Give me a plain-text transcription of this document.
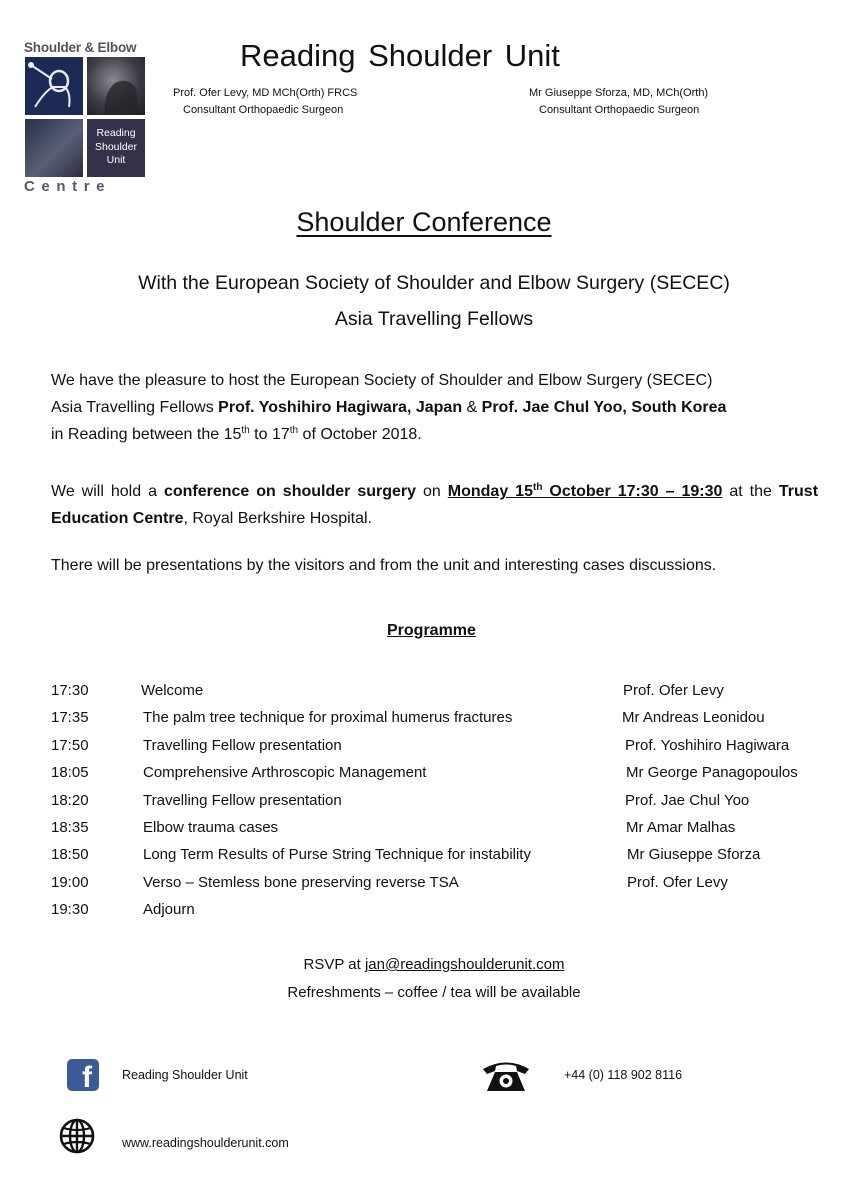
Shoulder & Elbow
Reading
Shoulder
Unit
Centre
Reading Shoulder Unit
Prof. Ofer Levy, MD MCh(Orth) FRCS
Consultant Orthopaedic Surgeon
Mr Giuseppe Sforza, MD, MCh(Orth)
Consultant Orthopaedic Surgeon
Shoulder Conference
With the European Society of Shoulder and Elbow Surgery (SECEC)
Asia Travelling Fellows
We have the pleasure to host the European Society of Shoulder and Elbow Surgery (SECEC)
Asia Travelling Fellows Prof. Yoshihiro Hagiwara, Japan & Prof. Jae Chul Yoo, South Korea
in Reading between the 15th to 17th of October 2018.
We will hold a conference on shoulder surgery on Monday 15th October 17:30 – 19:30 at the Trust Education Centre, Royal Berkshire Hospital.
There will be presentations by the visitors and from the unit and interesting cases discussions.
Programme
17:30	Welcome	Prof. Ofer Levy
17:35	The palm tree technique for proximal humerus fractures	Mr Andreas Leonidou
17:50	Travelling Fellow presentation	Prof. Yoshihiro Hagiwara
18:05	Comprehensive Arthroscopic Management	Mr George Panagopoulos
18:20	Travelling Fellow presentation	Prof. Jae Chul Yoo
18:35	Elbow trauma cases	Mr Amar Malhas
18:50	Long Term Results of Purse String Technique for instability	Mr Giuseppe Sforza
19:00	Verso – Stemless bone preserving reverse TSA	Prof. Ofer Levy
19:30	Adjourn
RSVP at jan@readingshoulderunit.com
Refreshments – coffee / tea will be available
f	Reading Shoulder Unit	+44 (0) 118 902 8116
www.readingshoulderunit.com
